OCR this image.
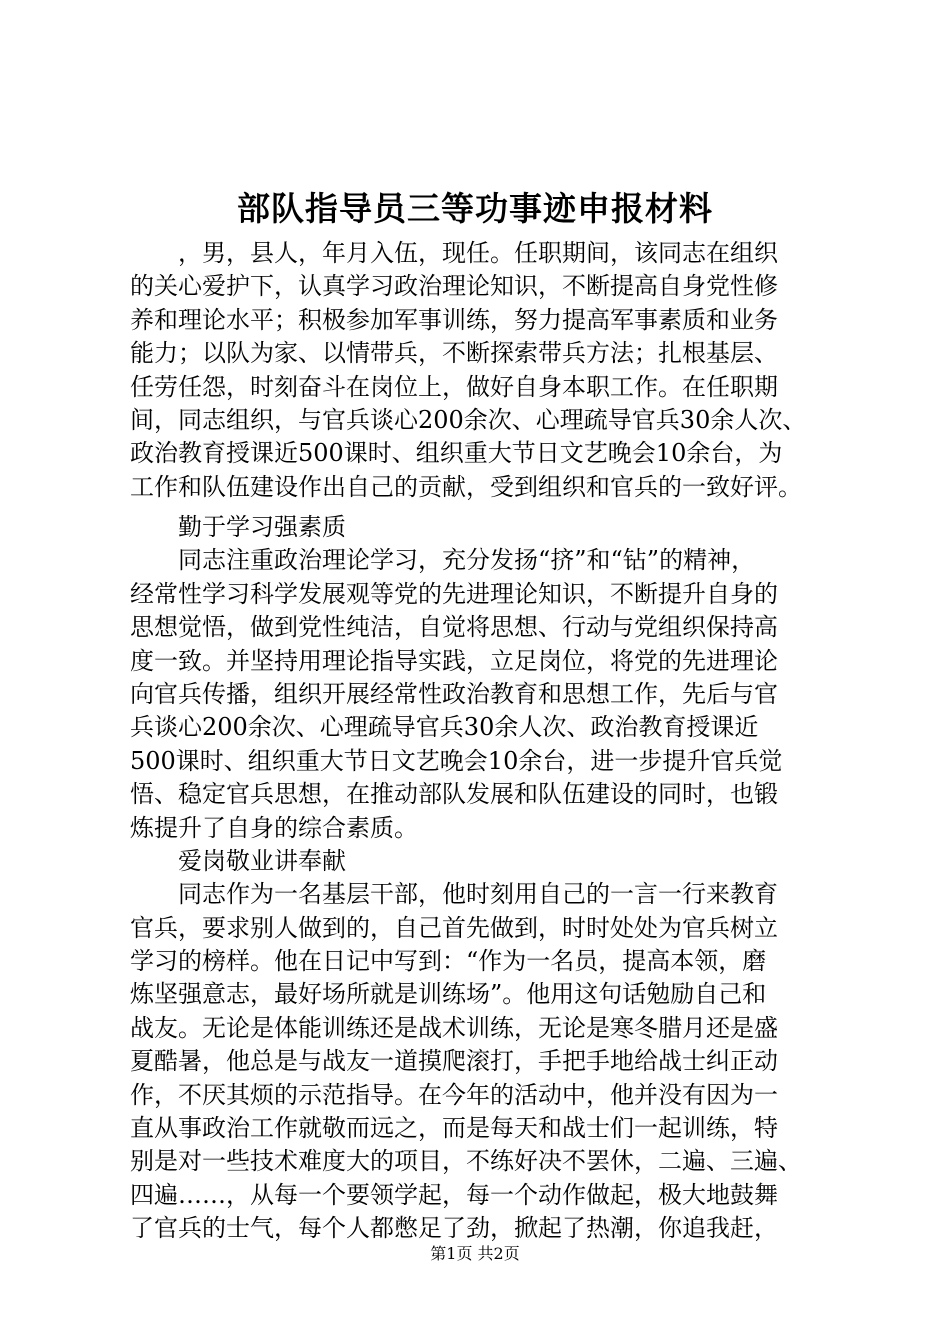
部队指导员三等功事迹申报材料
，男，县人，年月入伍，现任。任职期间，该同志在组织
的关心爱护下，认真学习政治理论知识，不断提高自身党性修
养和理论水平；积极参加军事训练，努力提高军事素质和业务
能力；以队为家、以情带兵，不断探索带兵方法；扎根基层、
任劳任怨，时刻奋斗在岗位上，做好自身本职工作。在任职期
间，同志组织，与官兵谈心200余次、心理疏导官兵30余人次、
政治教育授课近500课时、组织重大节日文艺晚会10余台，为
工作和队伍建设作出自己的贡献，受到组织和官兵的一致好评。
勤于学习强素质
同志注重政治理论学习，充分发扬“挤”和“钻”的精神，
经常性学习科学发展观等党的先进理论知识，不断提升自身的
思想觉悟，做到党性纯洁，自觉将思想、行动与党组织保持高
度一致。并坚持用理论指导实践，立足岗位，将党的先进理论
向官兵传播，组织开展经常性政治教育和思想工作，先后与官
兵谈心200余次、心理疏导官兵30余人次、政治教育授课近
500课时、组织重大节日文艺晚会10余台，进一步提升官兵觉
悟、稳定官兵思想，在推动部队发展和队伍建设的同时，也锻
炼提升了自身的综合素质。
爱岗敬业讲奉献
同志作为一名基层干部，他时刻用自己的一言一行来教育
官兵，要求别人做到的，自己首先做到，时时处处为官兵树立
学习的榜样。他在日记中写到：“作为一名员，提高本领，磨
炼坚强意志，最好场所就是训练场”。他用这句话勉励自己和
战友。无论是体能训练还是战术训练，无论是寒冬腊月还是盛
夏酷暑，他总是与战友一道摸爬滚打，手把手地给战士纠正动
作，不厌其烦的示范指导。在今年的活动中，他并没有因为一
直从事政治工作就敬而远之，而是每天和战士们一起训练，特
别是对一些技术难度大的项目，不练好决不罢休，二遍、三遍、
四遍……，从每一个要领学起，每一个动作做起，极大地鼓舞
了官兵的士气，每个人都憋足了劲，掀起了热潮，你追我赶，
第1页 共2页
